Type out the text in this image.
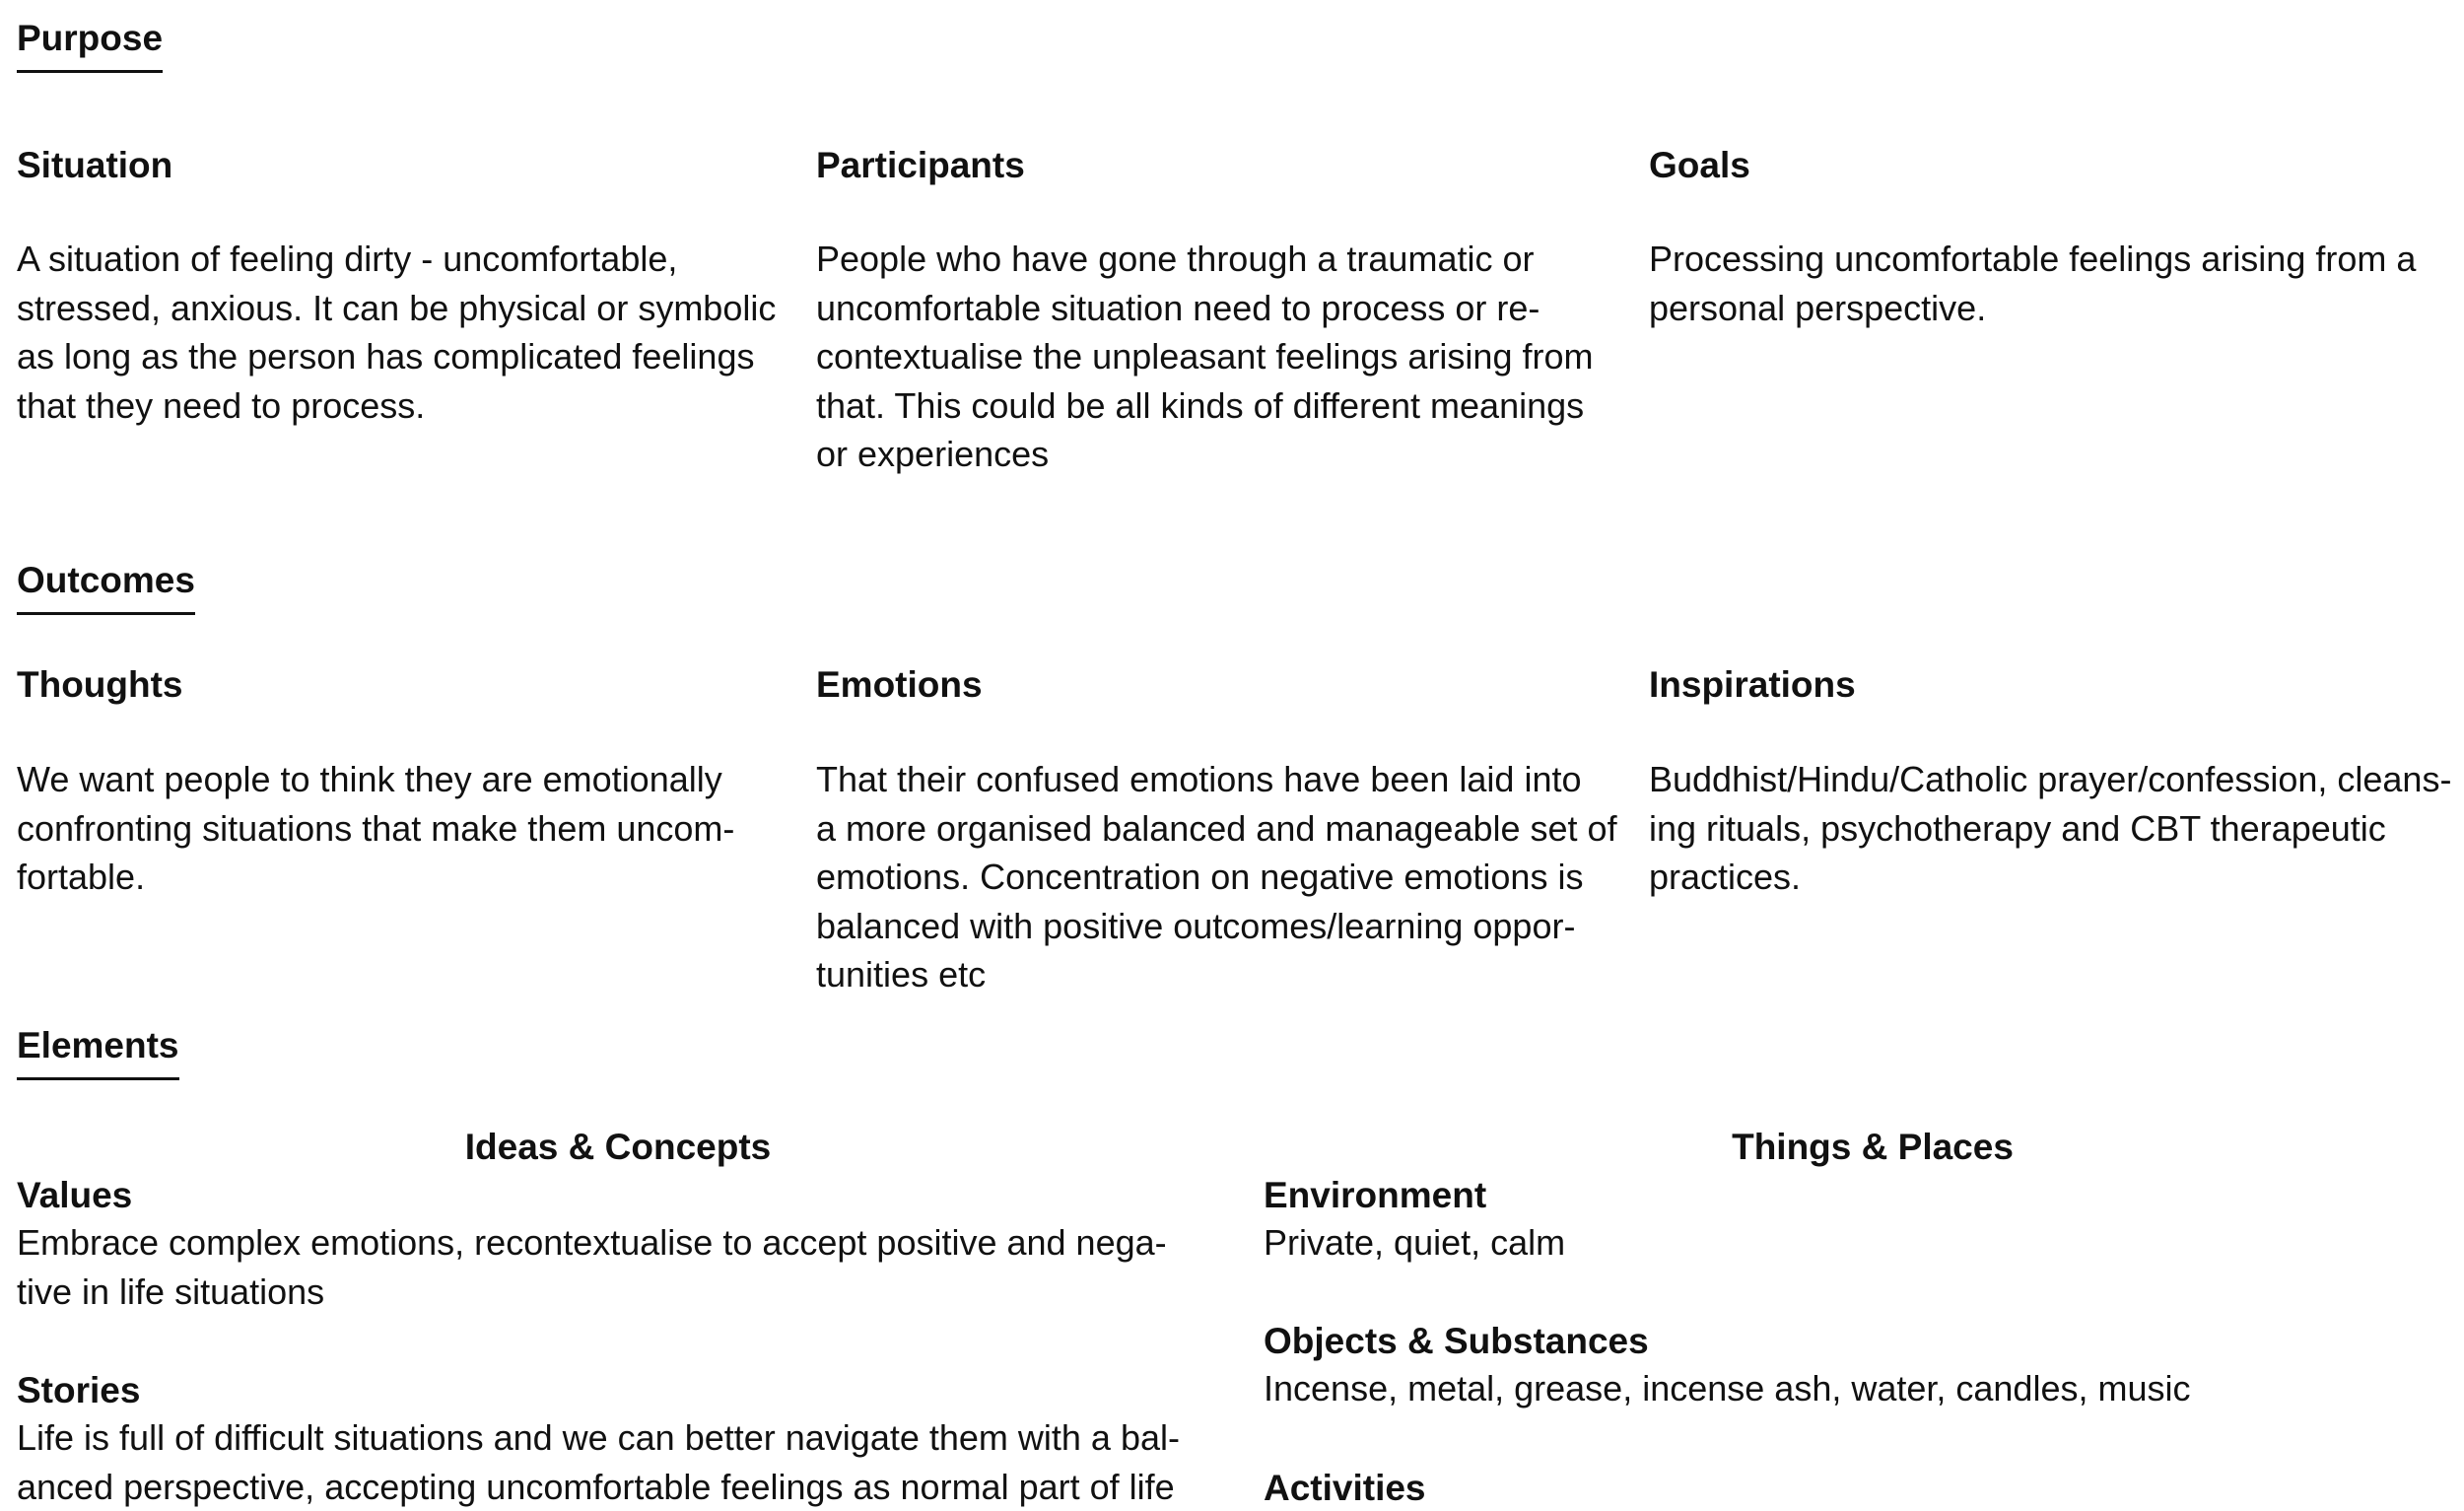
Purpose
Situation
A situation of feeling dirty - uncomfortable,
stressed, anxious. It can be physical or symbolic
as long as the person has complicated feelings
that they need to process.
Participants
People who have gone through a traumatic or
uncomfortable situation need to process or re-
contextualise the unpleasant feelings arising from
that. This could be all kinds of different meanings
or experiences
Goals
Processing uncomfortable feelings arising from a
personal perspective.
Outcomes
Thoughts
We want people to think they are emotionally
confronting situations that make them uncom-
fortable.
Emotions
That their confused emotions have been laid into
a more organised balanced and manageable set of
emotions. Concentration on negative emotions is
balanced with positive outcomes/learning oppor-
tunities etc
Inspirations
Buddhist/Hindu/Catholic prayer/confession, cleans-
ing rituals, psychotherapy and CBT therapeutic
practices.
Elements
Ideas & Concepts	Things & Places
Values
Embrace complex emotions, recontextualise to accept positive and nega-
tive in life situations
Stories
Life is full of difficult situations and we can better navigate them with a bal-
anced perspective, accepting uncomfortable feelings as normal part of life
Environment
Private, quiet, calm
Objects & Substances
Incense, metal, grease, incense ash, water, candles, music
Activities
